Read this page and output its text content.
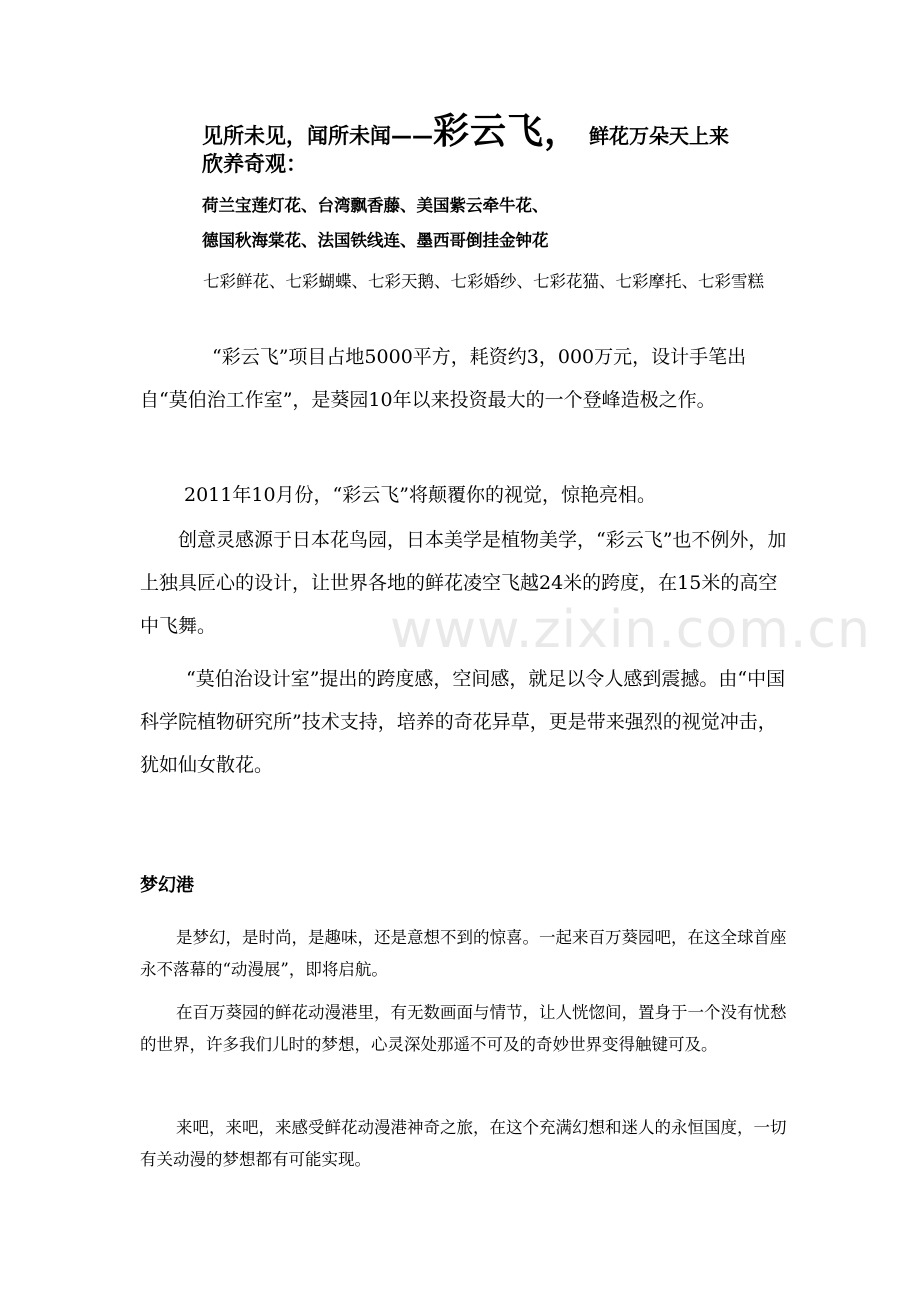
见所未见，闻所未闻——彩云飞， 鲜花万朵天上来
欣养奇观：
荷兰宝莲灯花、台湾飘香藤、美国紫云牵牛花、
德国秋海棠花、法国铁线连、墨西哥倒挂金钟花
七彩鲜花、七彩蝴蝶、七彩天鹅、七彩婚纱、七彩花猫、七彩摩托、七彩雪糕

“彩云飞”项目占地5000平方，耗资约3，000万元，设计手笔出自“莫伯治工作室”，是葵园10年以来投资最大的一个登峰造极之作。

2011年10月份，“彩云飞”将颠覆你的视觉，惊艳亮相。

创意灵感源于日本花鸟园，日本美学是植物美学，“彩云飞”也不例外，加上独具匠心的设计，让世界各地的鲜花凌空飞越24米的跨度，在15米的高空中飞舞。

“莫伯治设计室”提出的跨度感，空间感，就足以令人感到震撼。由“中国科学院植物研究所”技术支持，培养的奇花异草，更是带来强烈的视觉冲击，犹如仙女散花。

梦幻港

是梦幻，是时尚，是趣味，还是意想不到的惊喜。一起来百万葵园吧，在这全球首座永不落幕的“动漫展”，即将启航。

在百万葵园的鲜花动漫港里，有无数画面与情节，让人恍惚间，置身于一个没有忧愁的世界，许多我们儿时的梦想，心灵深处那遥不可及的奇妙世界变得触键可及。

来吧，来吧，来感受鲜花动漫港神奇之旅，在这个充满幻想和迷人的永恒国度，一切有关动漫的梦想都有可能实现。

www.zixin.com.cn
